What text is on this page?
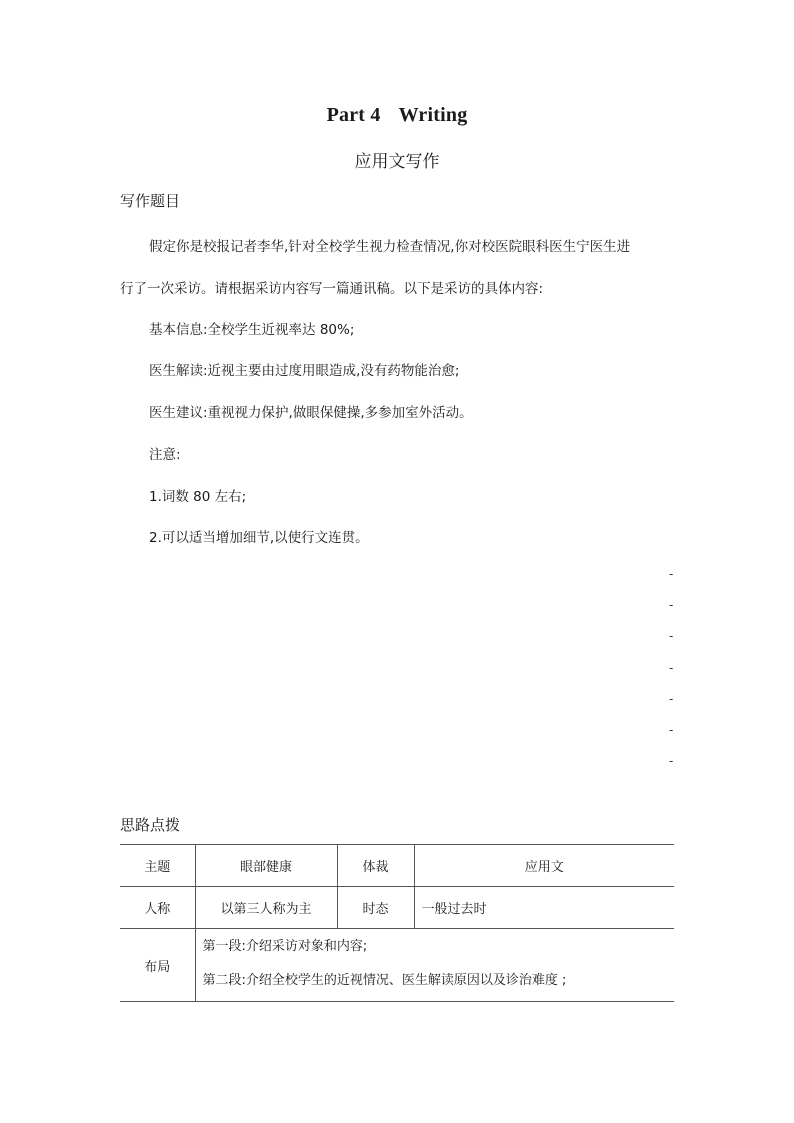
Part 4 Writing
应用文写作
写作题目
假定你是校报记者李华,针对全校学生视力检查情况,你对校医院眼科医生宁医生进
行了一次采访。请根据采访内容写一篇通讯稿。以下是采访的具体内容:
基本信息:全校学生近视率达 80%;
医生解读:近视主要由过度用眼造成,没有药物能治愈;
医生建议:重视视力保护,做眼保健操,多参加室外活动。
注意:
1.词数 80 左右;
2.可以适当增加细节,以使行文连贯。
-
-
-
-
-
-
-
思路点拨
主题	眼部健康	体裁	应用文
人称	以第三人称为主	时态	一般过去时
布局	第一段:介绍采访对象和内容;
第二段:介绍全校学生的近视情况、医生解读原因以及诊治难度 ;		
